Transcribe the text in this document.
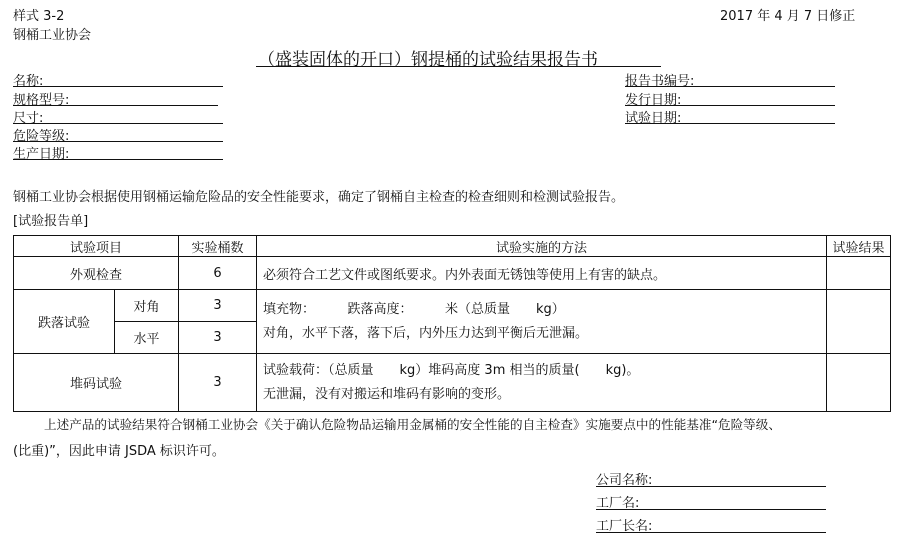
样式 3-2
钢桶工业协会
2017 年 4 月 7 日修正
（盛装固体的开口）钢提桶的试验结果报告书
名称:
规格型号:
尺寸:
危险等级:
生产日期:
报告书编号:
发行日期:
试验日期:
钢桶工业协会根据使用钢桶运输危险品的安全性能要求，确定了钢桶自主检查的检查细则和检测试验报告。
[试验报告单]
试验项目		实验桶数	试验实施的方法	试验结果
外观检查		6	必须符合工艺文件或图纸要求。内外表面无锈蚀等使用上有害的缺点。	
跌落试验	对角	3	填充物：　　　跌落高度：　　　米（总质量　　kg）
对角，水平下落，落下后，内外压力达到平衡后无泄漏。	

	水平	3		
堆码试验		3	试验载荷：（总质量　　kg）堆码高度 3m 相当的质量(　　kg)。
无泄漏，没有对搬运和堆码有影响的变形。	

上述产品的试验结果符合钢桶工业协会《关于确认危险物品运输用金属桶的安全性能的自主检查》实施要点中的性能基准“危险等级、
(比重)”，因此申请 JSDA 标识许可。
公司名称:
工厂名:
工厂长名:
